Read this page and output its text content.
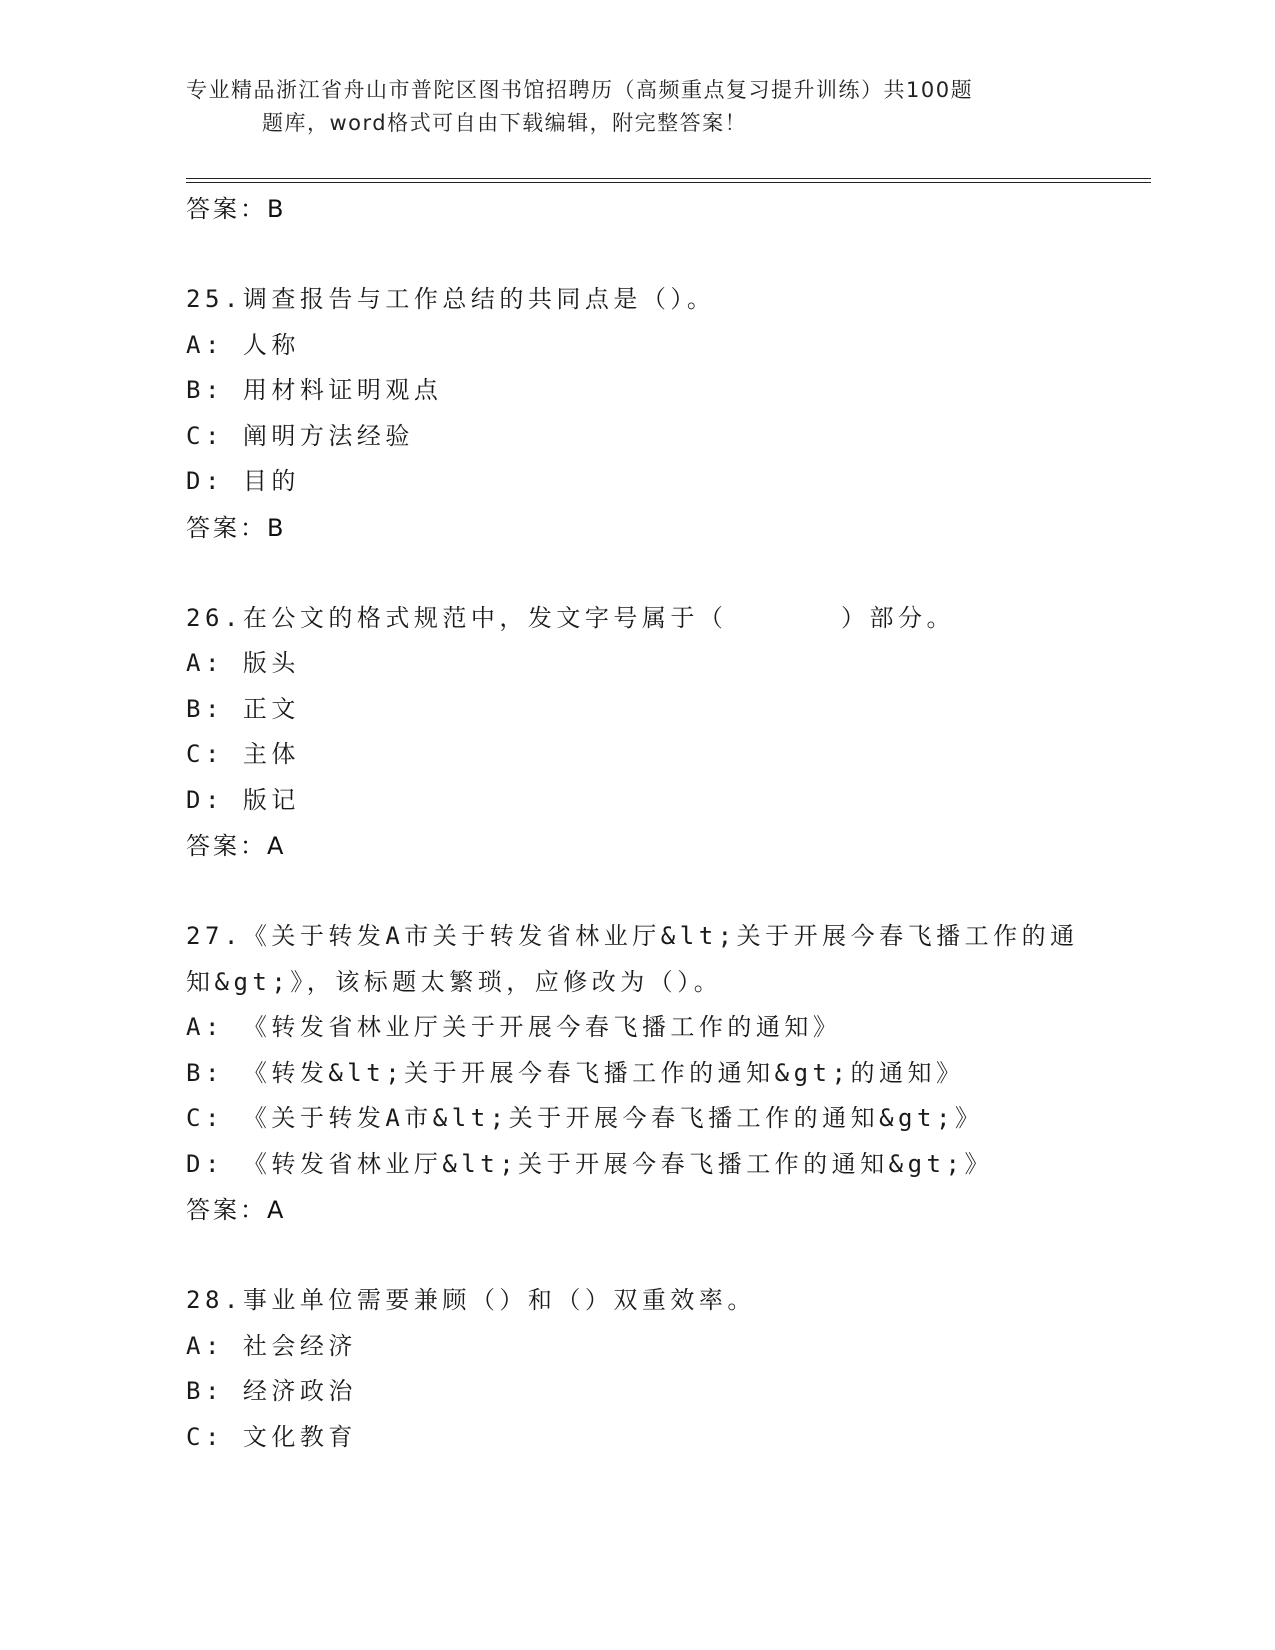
专业精品浙江省舟山市普陀区图书馆招聘历（高频重点复习提升训练）共100题
题库，word格式可自由下载编辑，附完整答案！
答案：B
25.调查报告与工作总结的共同点是（）。
A: 人称
B: 用材料证明观点
C: 阐明方法经验
D: 目的
答案：B
26.在公文的格式规范中，发文字号属于（      ）部分。
A: 版头
B: 正文
C: 主体
D: 版记
答案：A
27.《关于转发A市关于转发省林业厅&lt;关于开展今春飞播工作的通
知&gt;》，该标题太繁琐，应修改为（）。
A: 《转发省林业厅关于开展今春飞播工作的通知》
B: 《转发&lt;关于开展今春飞播工作的通知&gt;的通知》
C: 《关于转发A市&lt;关于开展今春飞播工作的通知&gt;》
D: 《转发省林业厅&lt;关于开展今春飞播工作的通知&gt;》
答案：A
28.事业单位需要兼顾（）和（）双重效率。
A: 社会经济
B: 经济政治
C: 文化教育
